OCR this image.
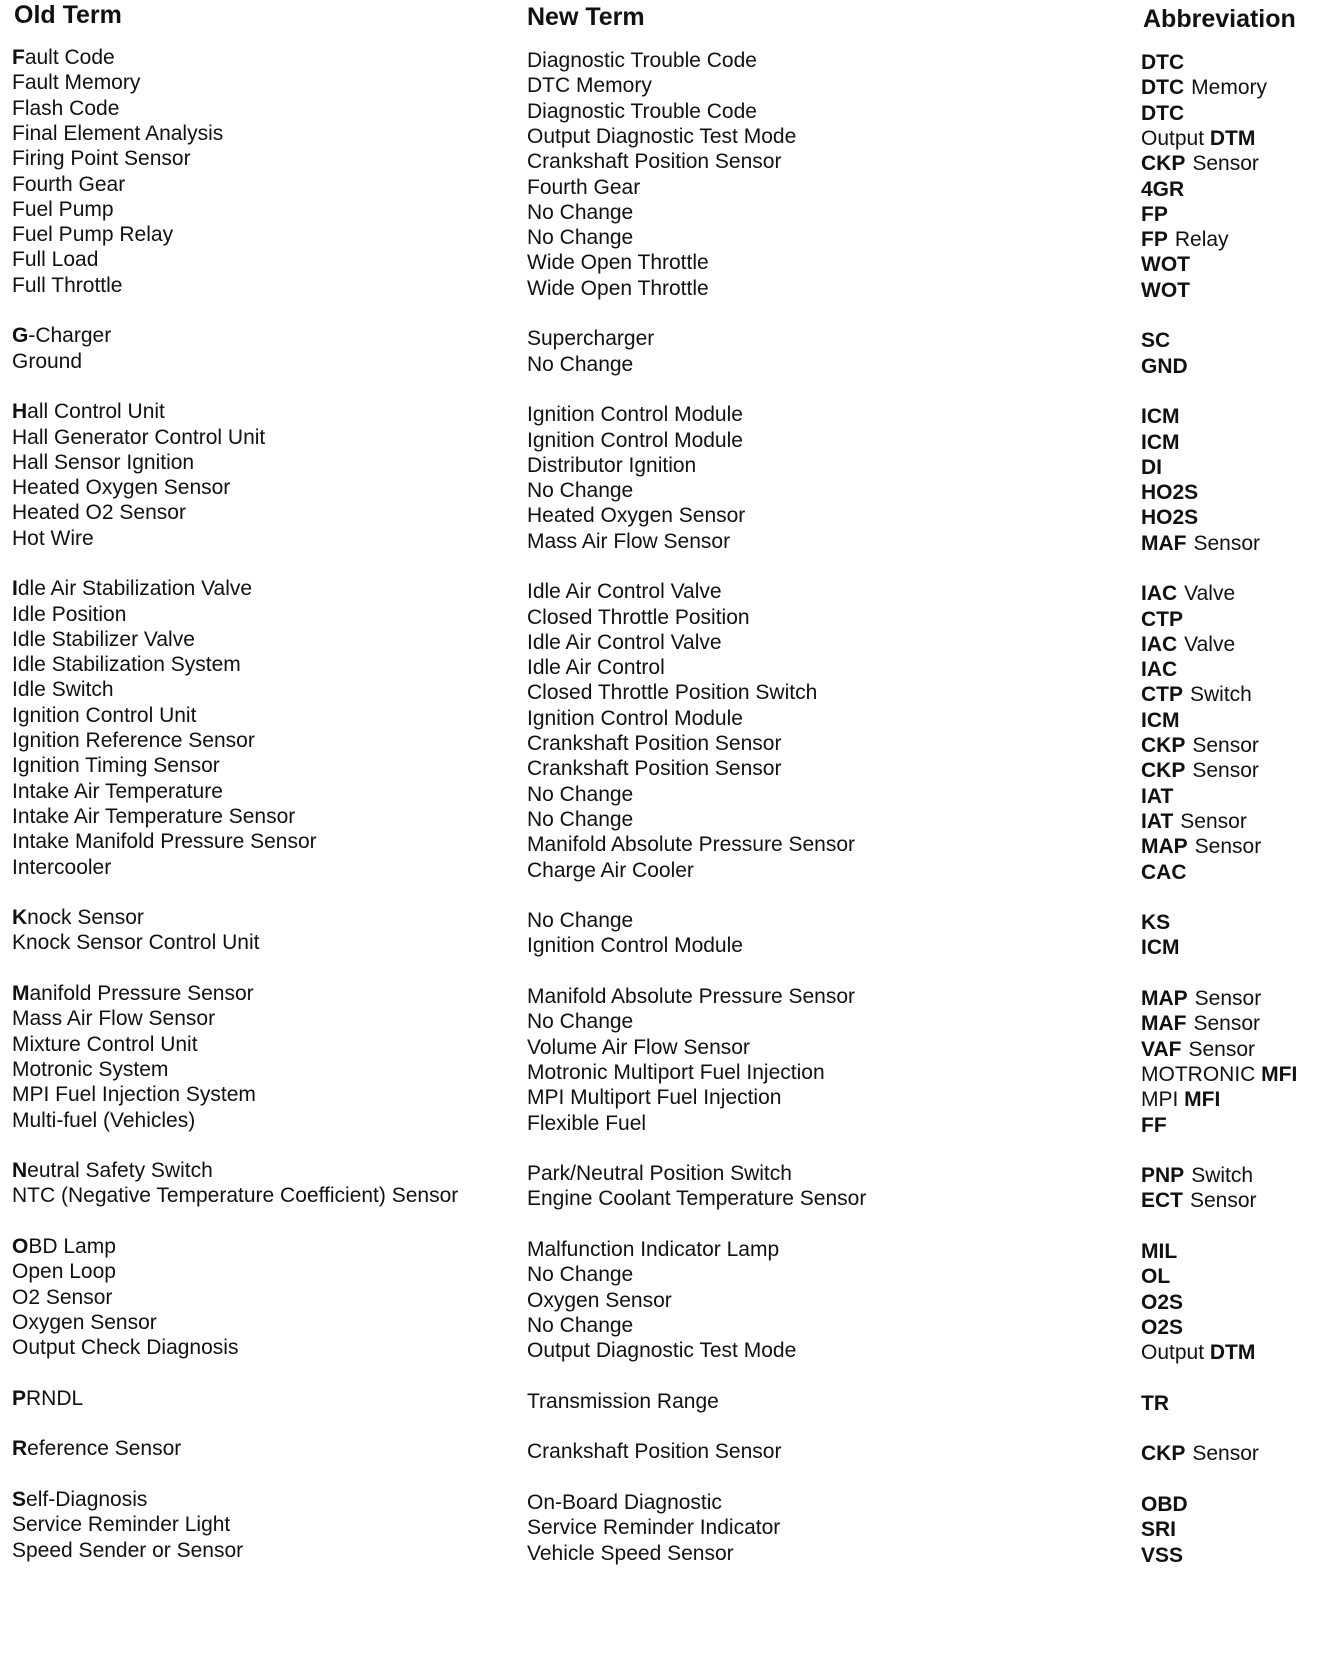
Old Term	New Term	Abbreviation
Fault Code	Diagnostic Trouble Code	DTC
Fault Memory	DTC Memory	DTC Memory
Flash Code	Diagnostic Trouble Code	DTC
Final Element Analysis	Output Diagnostic Test Mode	Output DTM
Firing Point Sensor	Crankshaft Position Sensor	CKP Sensor
Fourth Gear	Fourth Gear	4GR
Fuel Pump	No Change	FP
Fuel Pump Relay	No Change	FP Relay
Full Load	Wide Open Throttle	WOT
Full Throttle	Wide Open Throttle	WOT
G-Charger	Supercharger	SC
Ground	No Change	GND
Hall Control Unit	Ignition Control Module	ICM
Hall Generator Control Unit	Ignition Control Module	ICM
Hall Sensor Ignition	Distributor Ignition	DI
Heated Oxygen Sensor	No Change	HO2S
Heated O2 Sensor	Heated Oxygen Sensor	HO2S
Hot Wire	Mass Air Flow Sensor	MAF Sensor
Idle Air Stabilization Valve	Idle Air Control Valve	IAC Valve
Idle Position	Closed Throttle Position	CTP
Idle Stabilizer Valve	Idle Air Control Valve	IAC Valve
Idle Stabilization System	Idle Air Control	IAC
Idle Switch	Closed Throttle Position Switch	CTP Switch
Ignition Control Unit	Ignition Control Module	ICM
Ignition Reference Sensor	Crankshaft Position Sensor	CKP Sensor
Ignition Timing Sensor	Crankshaft Position Sensor	CKP Sensor
Intake Air Temperature	No Change	IAT
Intake Air Temperature Sensor	No Change	IAT Sensor
Intake Manifold Pressure Sensor	Manifold Absolute Pressure Sensor	MAP Sensor
Intercooler	Charge Air Cooler	CAC
Knock Sensor	No Change	KS
Knock Sensor Control Unit	Ignition Control Module	ICM
Manifold Pressure Sensor	Manifold Absolute Pressure Sensor	MAP Sensor
Mass Air Flow Sensor	No Change	MAF Sensor
Mixture Control Unit	Volume Air Flow Sensor	VAF Sensor
Motronic System	Motronic Multiport Fuel Injection	MOTRONIC MFI
MPI Fuel Injection System	MPI Multiport Fuel Injection	MPI MFI
Multi-fuel (Vehicles)	Flexible Fuel	FF
Neutral Safety Switch	Park/Neutral Position Switch	PNP Switch
NTC (Negative Temperature Coefficient) Sensor	Engine Coolant Temperature Sensor	ECT Sensor
OBD Lamp	Malfunction Indicator Lamp	MIL
Open Loop	No Change	OL
O2 Sensor	Oxygen Sensor	O2S
Oxygen Sensor	No Change	O2S
Output Check Diagnosis	Output Diagnostic Test Mode	Output DTM
PRNDL	Transmission Range	TR
Reference Sensor	Crankshaft Position Sensor	CKP Sensor
Self-Diagnosis	On-Board Diagnostic	OBD
Service Reminder Light	Service Reminder Indicator	SRI
Speed Sender or Sensor	Vehicle Speed Sensor	VSS
